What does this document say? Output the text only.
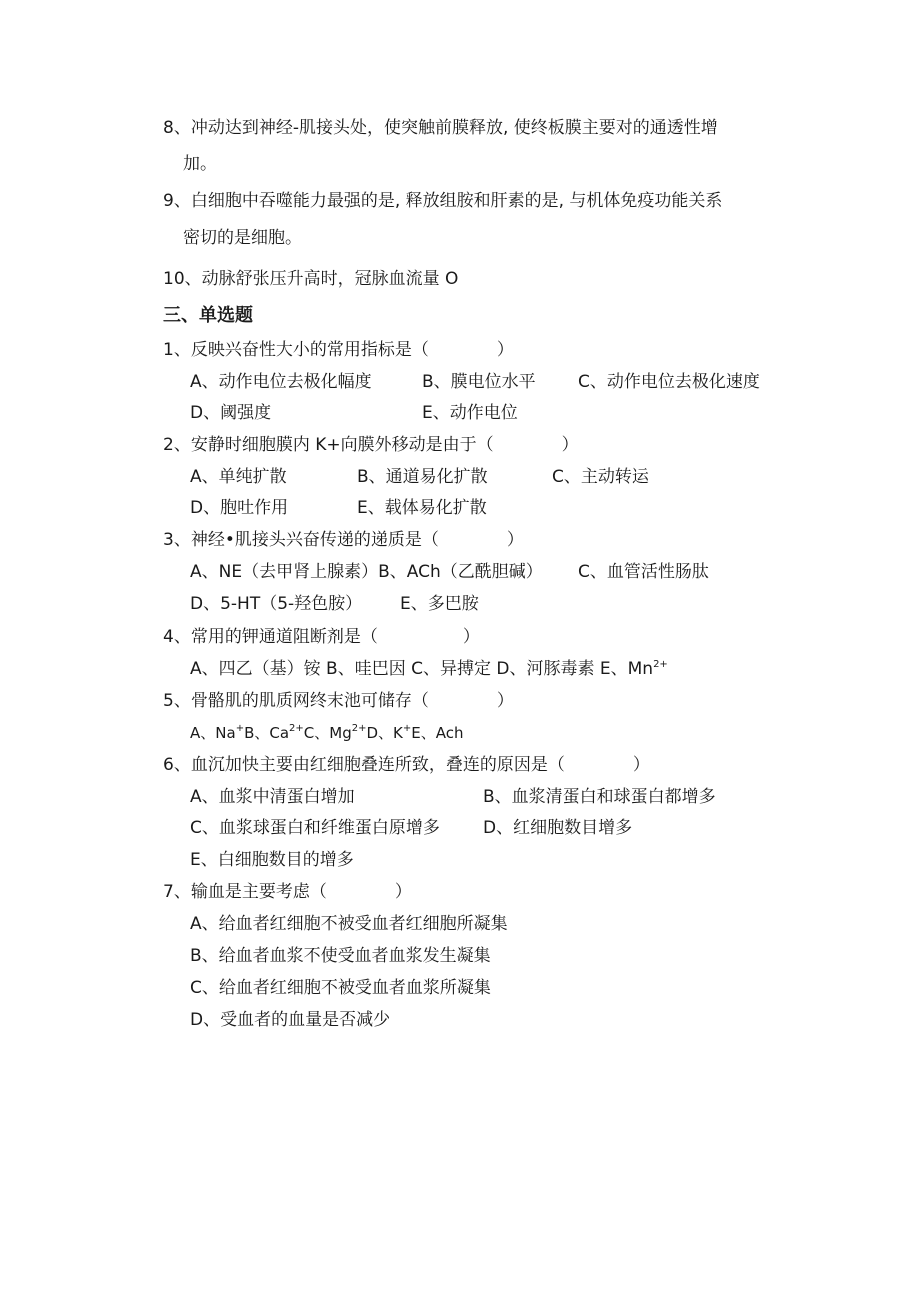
8、冲动达到神经-肌接头处，使突触前膜释放, 使终板膜主要对的通透性增
加。
9、白细胞中吞噬能力最强的是, 释放组胺和肝素的是, 与机体免疫功能关系
密切的是细胞。
10、动脉舒张压升高时，冠脉血流量 O
三、单选题
1、反映兴奋性大小的常用指标是（　　　　）
A、动作电位去极化幅度	B、膜电位水平 C、动作电位去极化速度
D、阈强度	E、动作电位
2、安静时细胞膜内 K+向膜外移动是由于（　　　　）
A、单纯扩散	B、通道易化扩散	C、主动转运
D、胞吐作用	E、载体易化扩散
3、神经•肌接头兴奋传递的递质是（　　　　）
A、NE（去甲肾上腺素）B、ACh（乙酰胆碱） C、血管活性肠肽
D、5-HT（5-羟色胺） E、多巴胺
4、常用的钾通道阻断剂是（　　　　　）
A、四乙（基）铵 B、哇巴因 C、异搏定 D、河豚毒素 E、$Mn^{2+}$
5、骨骼肌的肌质网终末池可储存（　　　　）
A、Na+B、$Ca^{2+}C$、$Mg^{2+}D$、K+E、Ach
6、血沉加快主要由红细胞叠连所致，叠连的原因是（　　　　）
A、血浆中清蛋白增加	B、血浆清蛋白和球蛋白都增多
C、血浆球蛋白和纤维蛋白原增多	D、红细胞数目增多
E、白细胞数目的增多
7、输血是主要考虑（　　　　）
A、给血者红细胞不被受血者红细胞所凝集
B、给血者血浆不使受血者血浆发生凝集
C、给血者红细胞不被受血者血浆所凝集
D、受血者的血量是否减少
